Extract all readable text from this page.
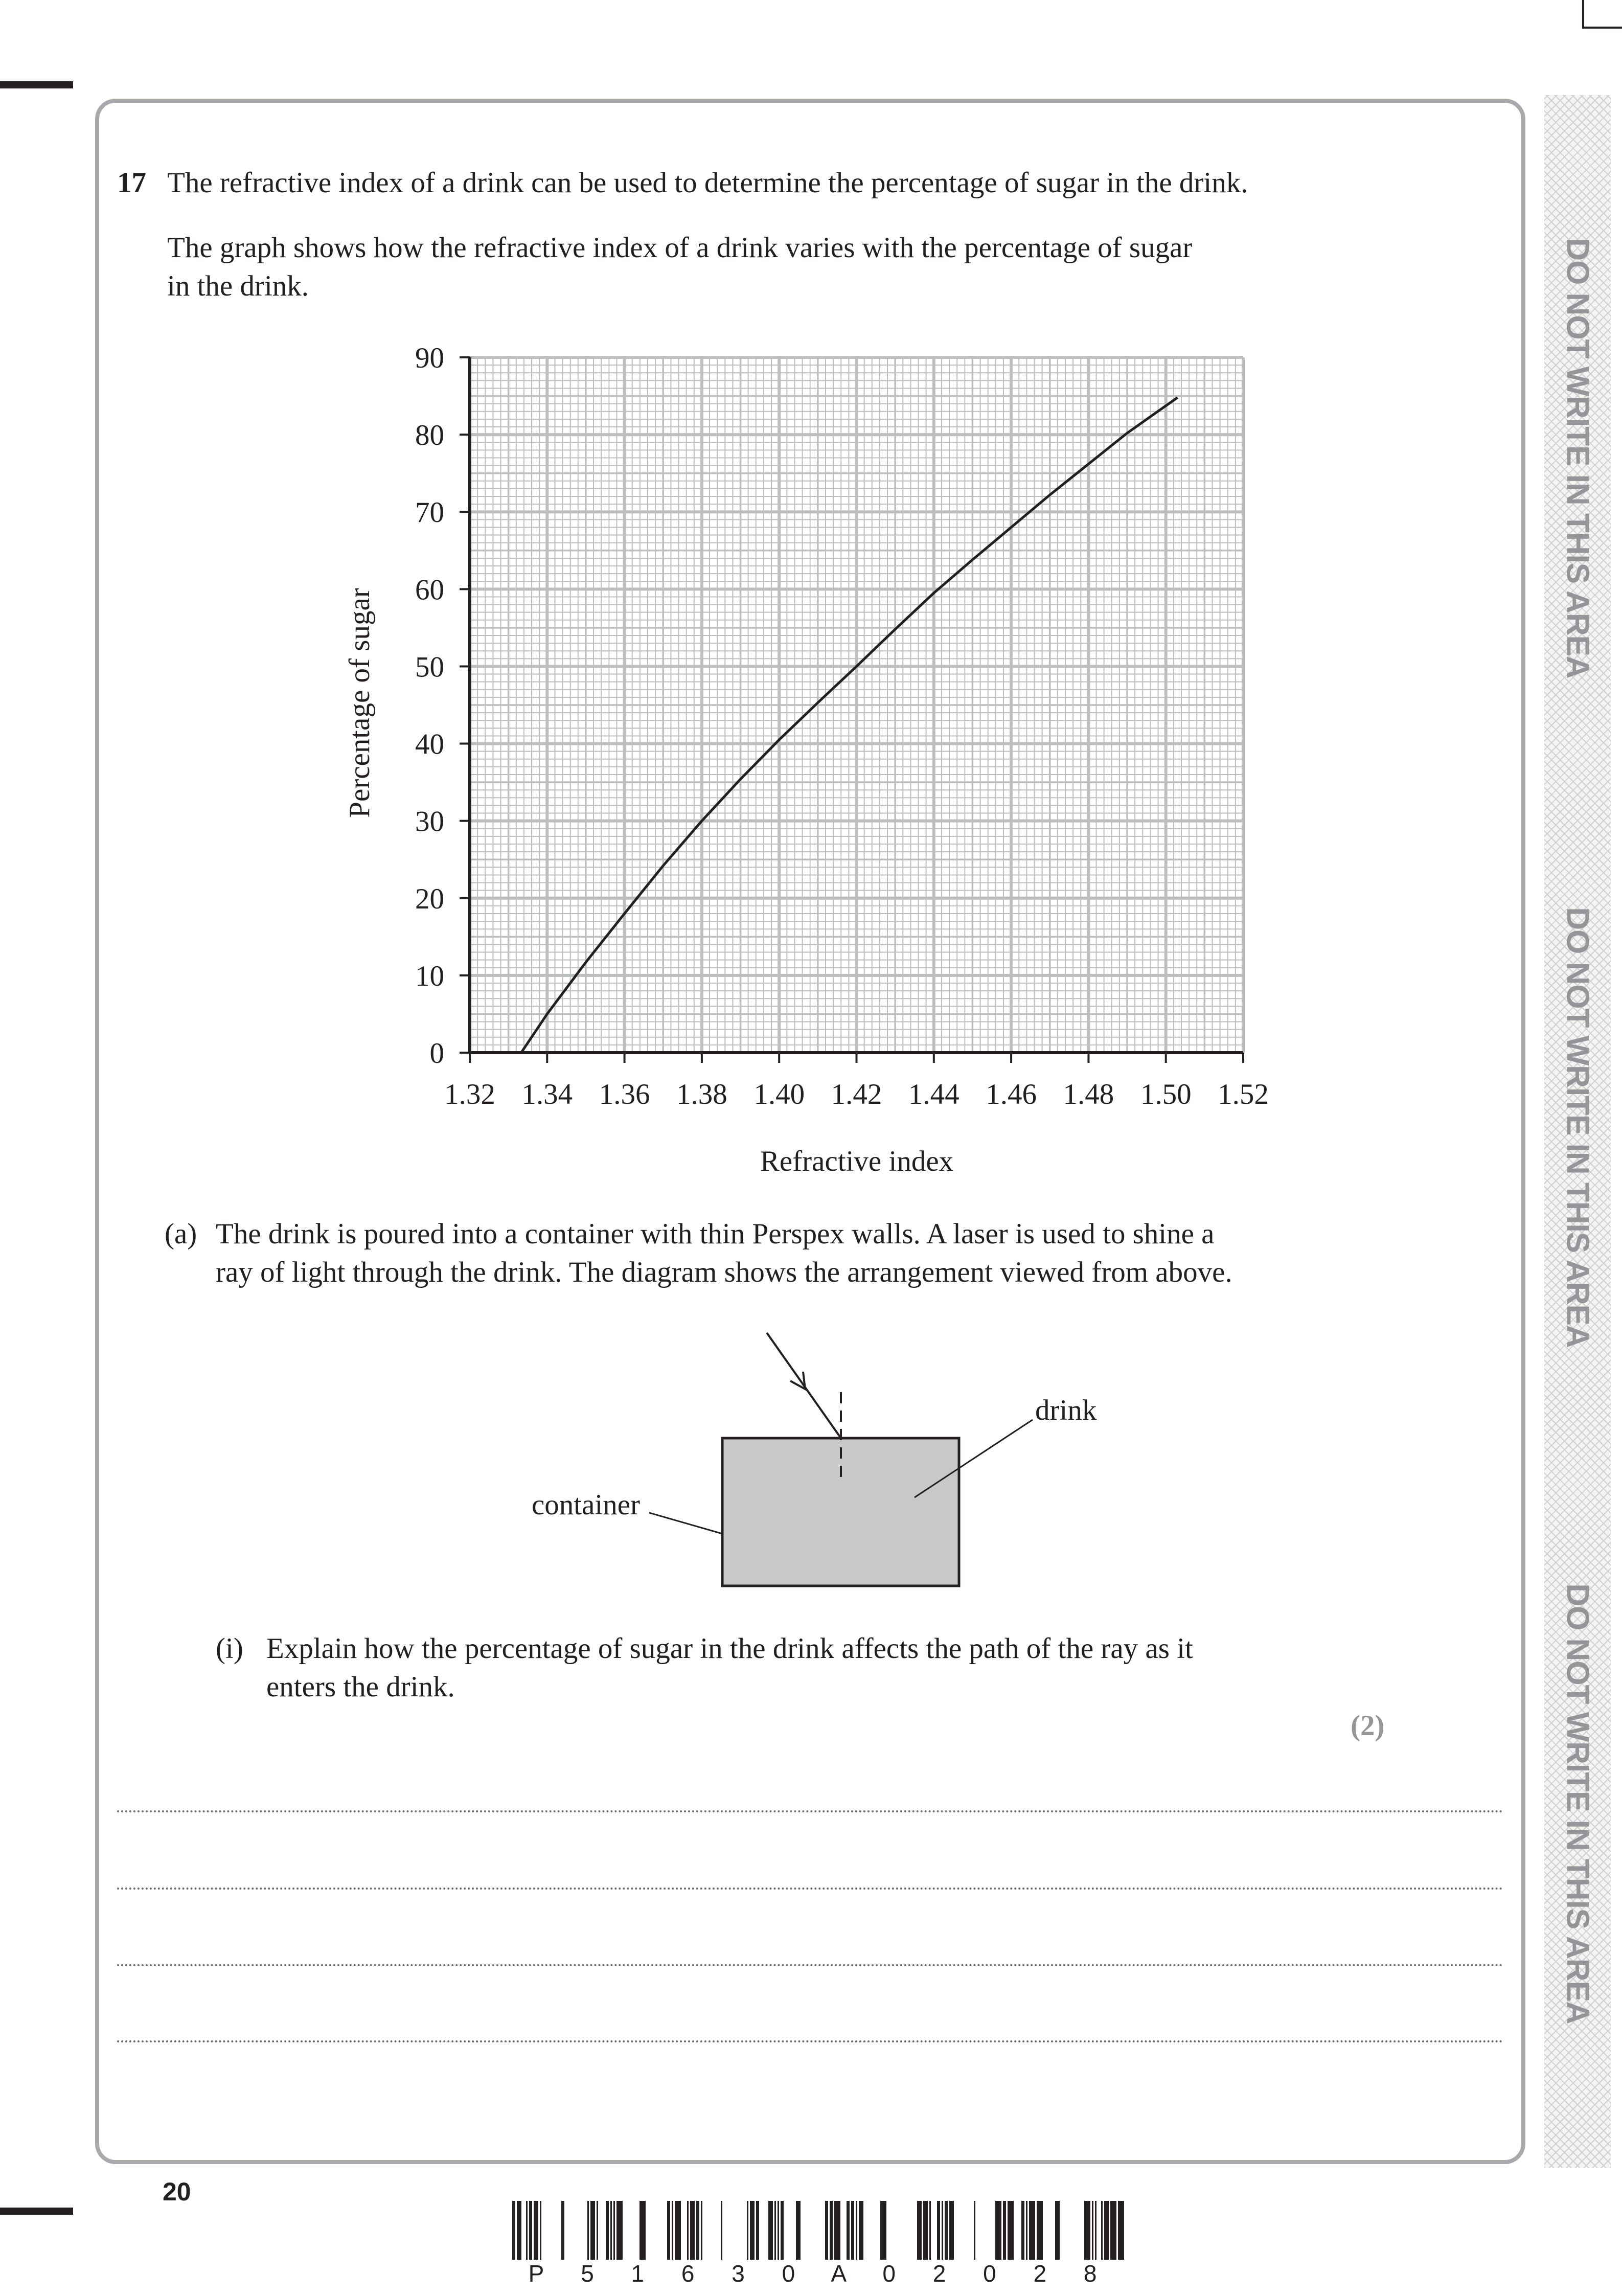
DO NOT WRITE IN THIS AREA
DO NOT WRITE IN THIS AREA
DO NOT WRITE IN THIS AREA
17 The refractive index of a drink can be used to determine the percentage of sugar in the drink.
The graph shows how the refractive index of a drink varies with the percentage of sugar
in the drink.
1.32 1.34 1.36 1.38 1.40 1.42 1.44 1.46 1.48 1.50 1.52
0
10
20
30
40
50
60
70
80
90
Refractive index
Percentage of sugar
(a) The drink is poured into a container with thin Perspex walls. A laser is used to shine a
ray of light through the drink. The diagram shows the arrangement viewed from above.
drink
container
(i) Explain how the percentage of sugar in the drink affects the path of the ray as it
enters the drink.
(2)
20
P 5 1 6 3 0 A 0 2 0 2 8
